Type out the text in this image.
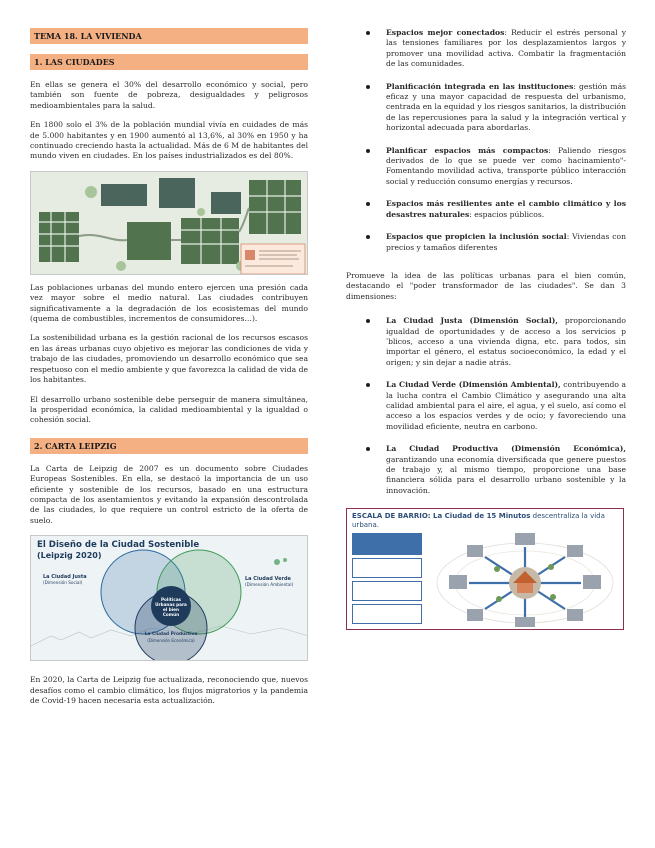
TEMA 18. LA VIVIENDA
1. LAS CIUDADES

En ellas se genera el 30% del desarrollo económico y social, pero también son fuente de pobreza, desigualdades y peligrosos medioambientales para la salud.

En 1800 solo el 3% de la población mundial vivía en cuidades de más de 5.000 habitantes y en 1900 aumentó al 13,6%, al 30% en 1950 y ha continuado creciendo hasta la actualidad. Más de 6 M de habitantes del mundo viven en ciudades. En los países industrializados es del 80%.

Las poblaciones urbanas del mundo entero ejercen una presión cada vez mayor sobre el medio natural. Las ciudades contribuyen significativamente a la degradación de los ecosistemas del mundo (quema de combustibles, incrementos de consumidores…).

La sostenibilidad urbana es la gestión racional de los recursos escasos en las áreas urbanas cuyo objetivo es mejorar las condiciones de vida y trabajo de las ciudades, promoviendo un desarrollo económico que sea respetuoso con el medio ambiente y que favorezca la calidad de vida de los habitantes.

El desarrollo urbano sostenible debe perseguir de manera simultánea, la prosperidad económica, la calidad medioambiental y la igualdad o cohesión social.

2. CARTA LEIPZIG

La Carta de Leipzig de 2007 es un documento sobre Ciudades Europeas Sostenibles. En ella, se destacó la importancia de un uso eficiente y sostenible de los recursos, basado en una estructura compacta de los asentamientos y evitando la expansión descontrolada de las ciudades, lo que requiere un control estricto de la oferta de suelo.

El Diseño de la Ciudad Sostenible
(Leipzig 2020)
La Ciudad Justa
(Dimensión Social)
La Ciudad Verde
(Dimensión Ambiental)
Políticas Urbanas para el bien Común
La Ciudad Productiva
(Dimensión Económica)

En 2020, la Carta de Leipzig fue actualizada, reconociendo que, nuevos desafíos como el cambio climático, los flujos migratorios y la pandemia de Covid-19 hacen necesaria esta actualización.

Espacios mejor conectados: Reducir el estrés personal y las tensiones familiares por los desplazamientos largos y promover una movilidad activa. Combatir la fragmentación de las comunidades.
Planificación integrada en las instituciones: gestión más eficaz y una mayor capacidad de respuesta del urbanismo, centrada en la equidad y los riesgos sanitarios, la distribución de las repercusiones para la salud y la integración vertical y horizontal adecuada para abordarlas.
Planificar espacios más compactos: Paliendo riesgos derivados de lo que se puede ver como hacinamiento"- Fomentando movilidad activa, transporte público interacción social y reducción consumo energías y recursos.
Espacios más resilientes ante el cambio climático y los desastres naturales: espacios públicos.
Espacios que propicien la inclusión social: Viviendas con precios y tamaños diferentes

Promueve la idea de las políticas urbanas para el bien común, destacando el "poder transformador de las ciudades". Se dan 3 dimensiones:

La Ciudad Justa (Dimensión Social), proporcionando igualdad de oportunidades y de acceso a los servicios pˈblicos, acceso a una vivienda digna, etc. para todos, sin importar el género, el estatus socioeconómico, la edad y el origen; y sin dejar a nadie atrás.
La Ciudad Verde (Dimensión Ambiental), contribuyendo a la lucha contra el Cambio Climático y asegurando una alta calidad ambiental para el aire, el agua, y el suelo, así como el acceso a los espacios verdes y de ocio; y favoreciendo una movilidad eficiente, neutra en carbono.
La Ciudad Productiva (Dimensión Económica), garantizando una economía diversificada que genere puestos de trabajo y, al mismo tiempo, proporcione una base financiera sólida para el desarrollo urbano sostenible y la innovación.
ESCALA DE BARRIO: La Ciudad de 15 Minutos descentraliza la vida urbana.
